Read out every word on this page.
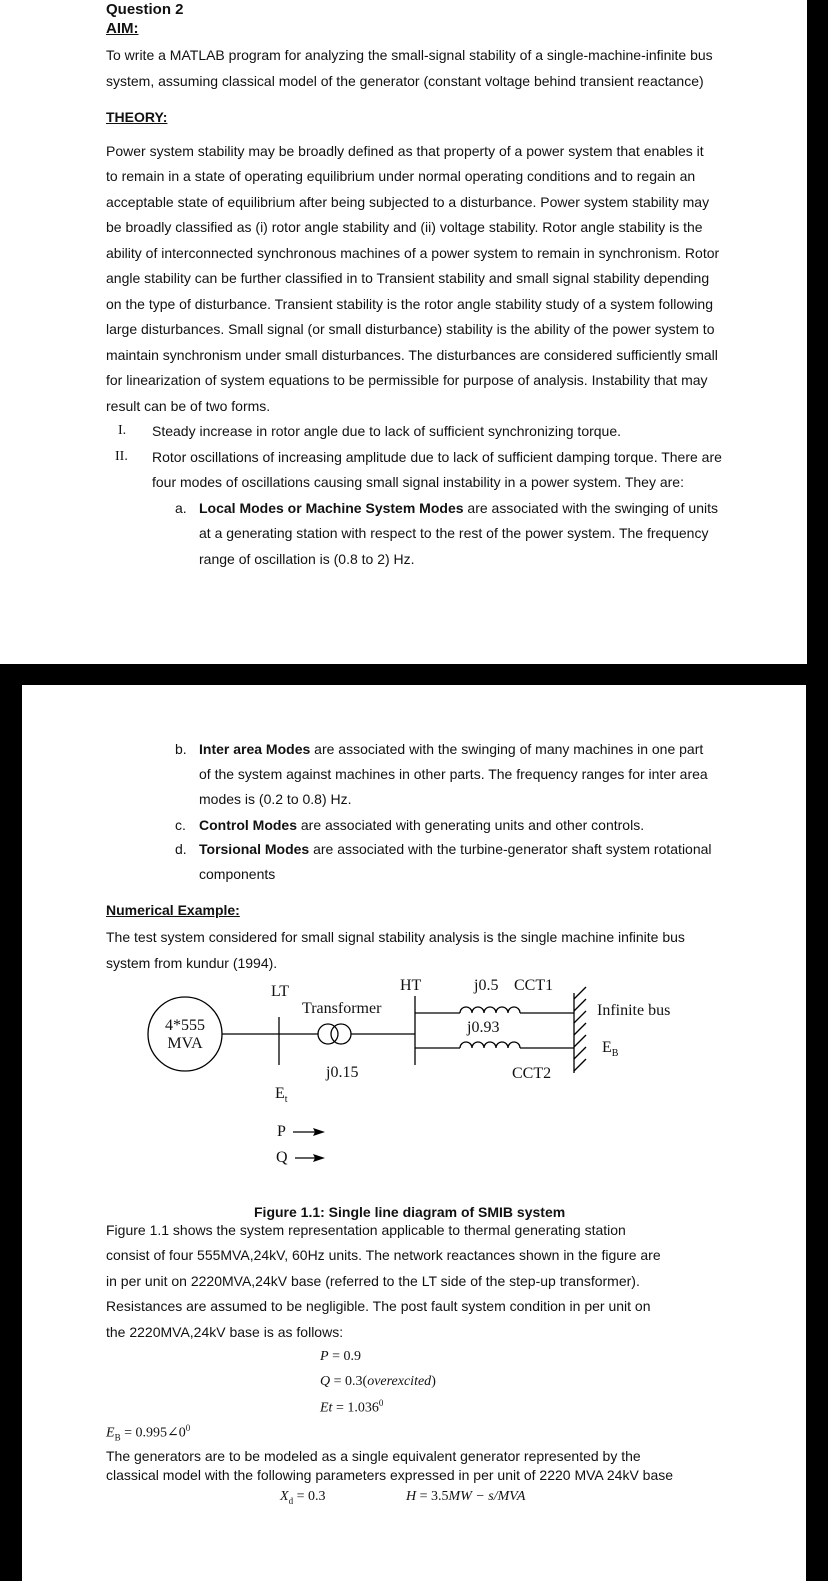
Question 2
AIM:
To write a MATLAB program for analyzing the small-signal stability of a single-machine-infinite bus
system, assuming classical model of the generator (constant voltage behind transient reactance)
THEORY:
Power system stability may be broadly defined as that property of a power system that enables it
to remain in a state of operating equilibrium under normal operating conditions and to regain an
acceptable state of equilibrium after being subjected to a disturbance. Power system stability may
be broadly classified as (i) rotor angle stability and (ii) voltage stability. Rotor angle stability is the
ability of interconnected synchronous machines of a power system to remain in synchronism. Rotor
angle stability can be further classified in to Transient stability and small signal stability depending
on the type of disturbance. Transient stability is the rotor angle stability study of a system following
large disturbances. Small signal (or small disturbance) stability is the ability of the power system to
maintain synchronism under small disturbances. The disturbances are considered sufficiently small
for linearization of system equations to be permissible for purpose of analysis. Instability that may
result can be of two forms.
I. Steady increase in rotor angle due to lack of sufficient synchronizing torque.
II. Rotor oscillations of increasing amplitude due to lack of sufficient damping torque. There are
four modes of oscillations causing small signal instability in a power system. They are:
a. Local Modes or Machine System Modes are associated with the swinging of units
at a generating station with respect to the rest of the power system. The frequency
range of oscillation is (0.8 to 2) Hz.
b. Inter area Modes are associated with the swinging of many machines in one part
of the system against machines in other parts. The frequency ranges for inter area
modes is (0.2 to 0.8) Hz.
c. Control Modes are associated with generating units and other controls.
d. Torsional Modes are associated with the turbine-generator shaft system rotational
components
Numerical Example:
The test system considered for small signal stability analysis is the single machine infinite bus
system from kundur (1994).
4*555
MVA
LT
Transformer
HT
j0.15
j0.5 CCT1
j0.93
CCT2
Infinite bus
$E_B$
$E_t$
P
Q
Figure 1.1: Single line diagram of SMIB system
Figure 1.1 shows the system representation applicable to thermal generating station
consist of four 555MVA,24kV, 60Hz units. The network reactances shown in the figure are
in per unit on 2220MVA,24kV base (referred to the LT side of the step-up transformer).
Resistances are assumed to be negligible. The post fault system condition in per unit on
the 2220MVA,24kV base is as follows:
P = 0.9
Q = 0.3(overexcited)
$Et = 1.036^0$
$E_B$ = $0.995\angle 0^0$
The generators are to be modeled as a single equivalent generator represented by the
classical model with the following parameters expressed in per unit of 2220 MVA 24kV base
$X_d = 0.3$	H = 3.5MW − s/MVA
